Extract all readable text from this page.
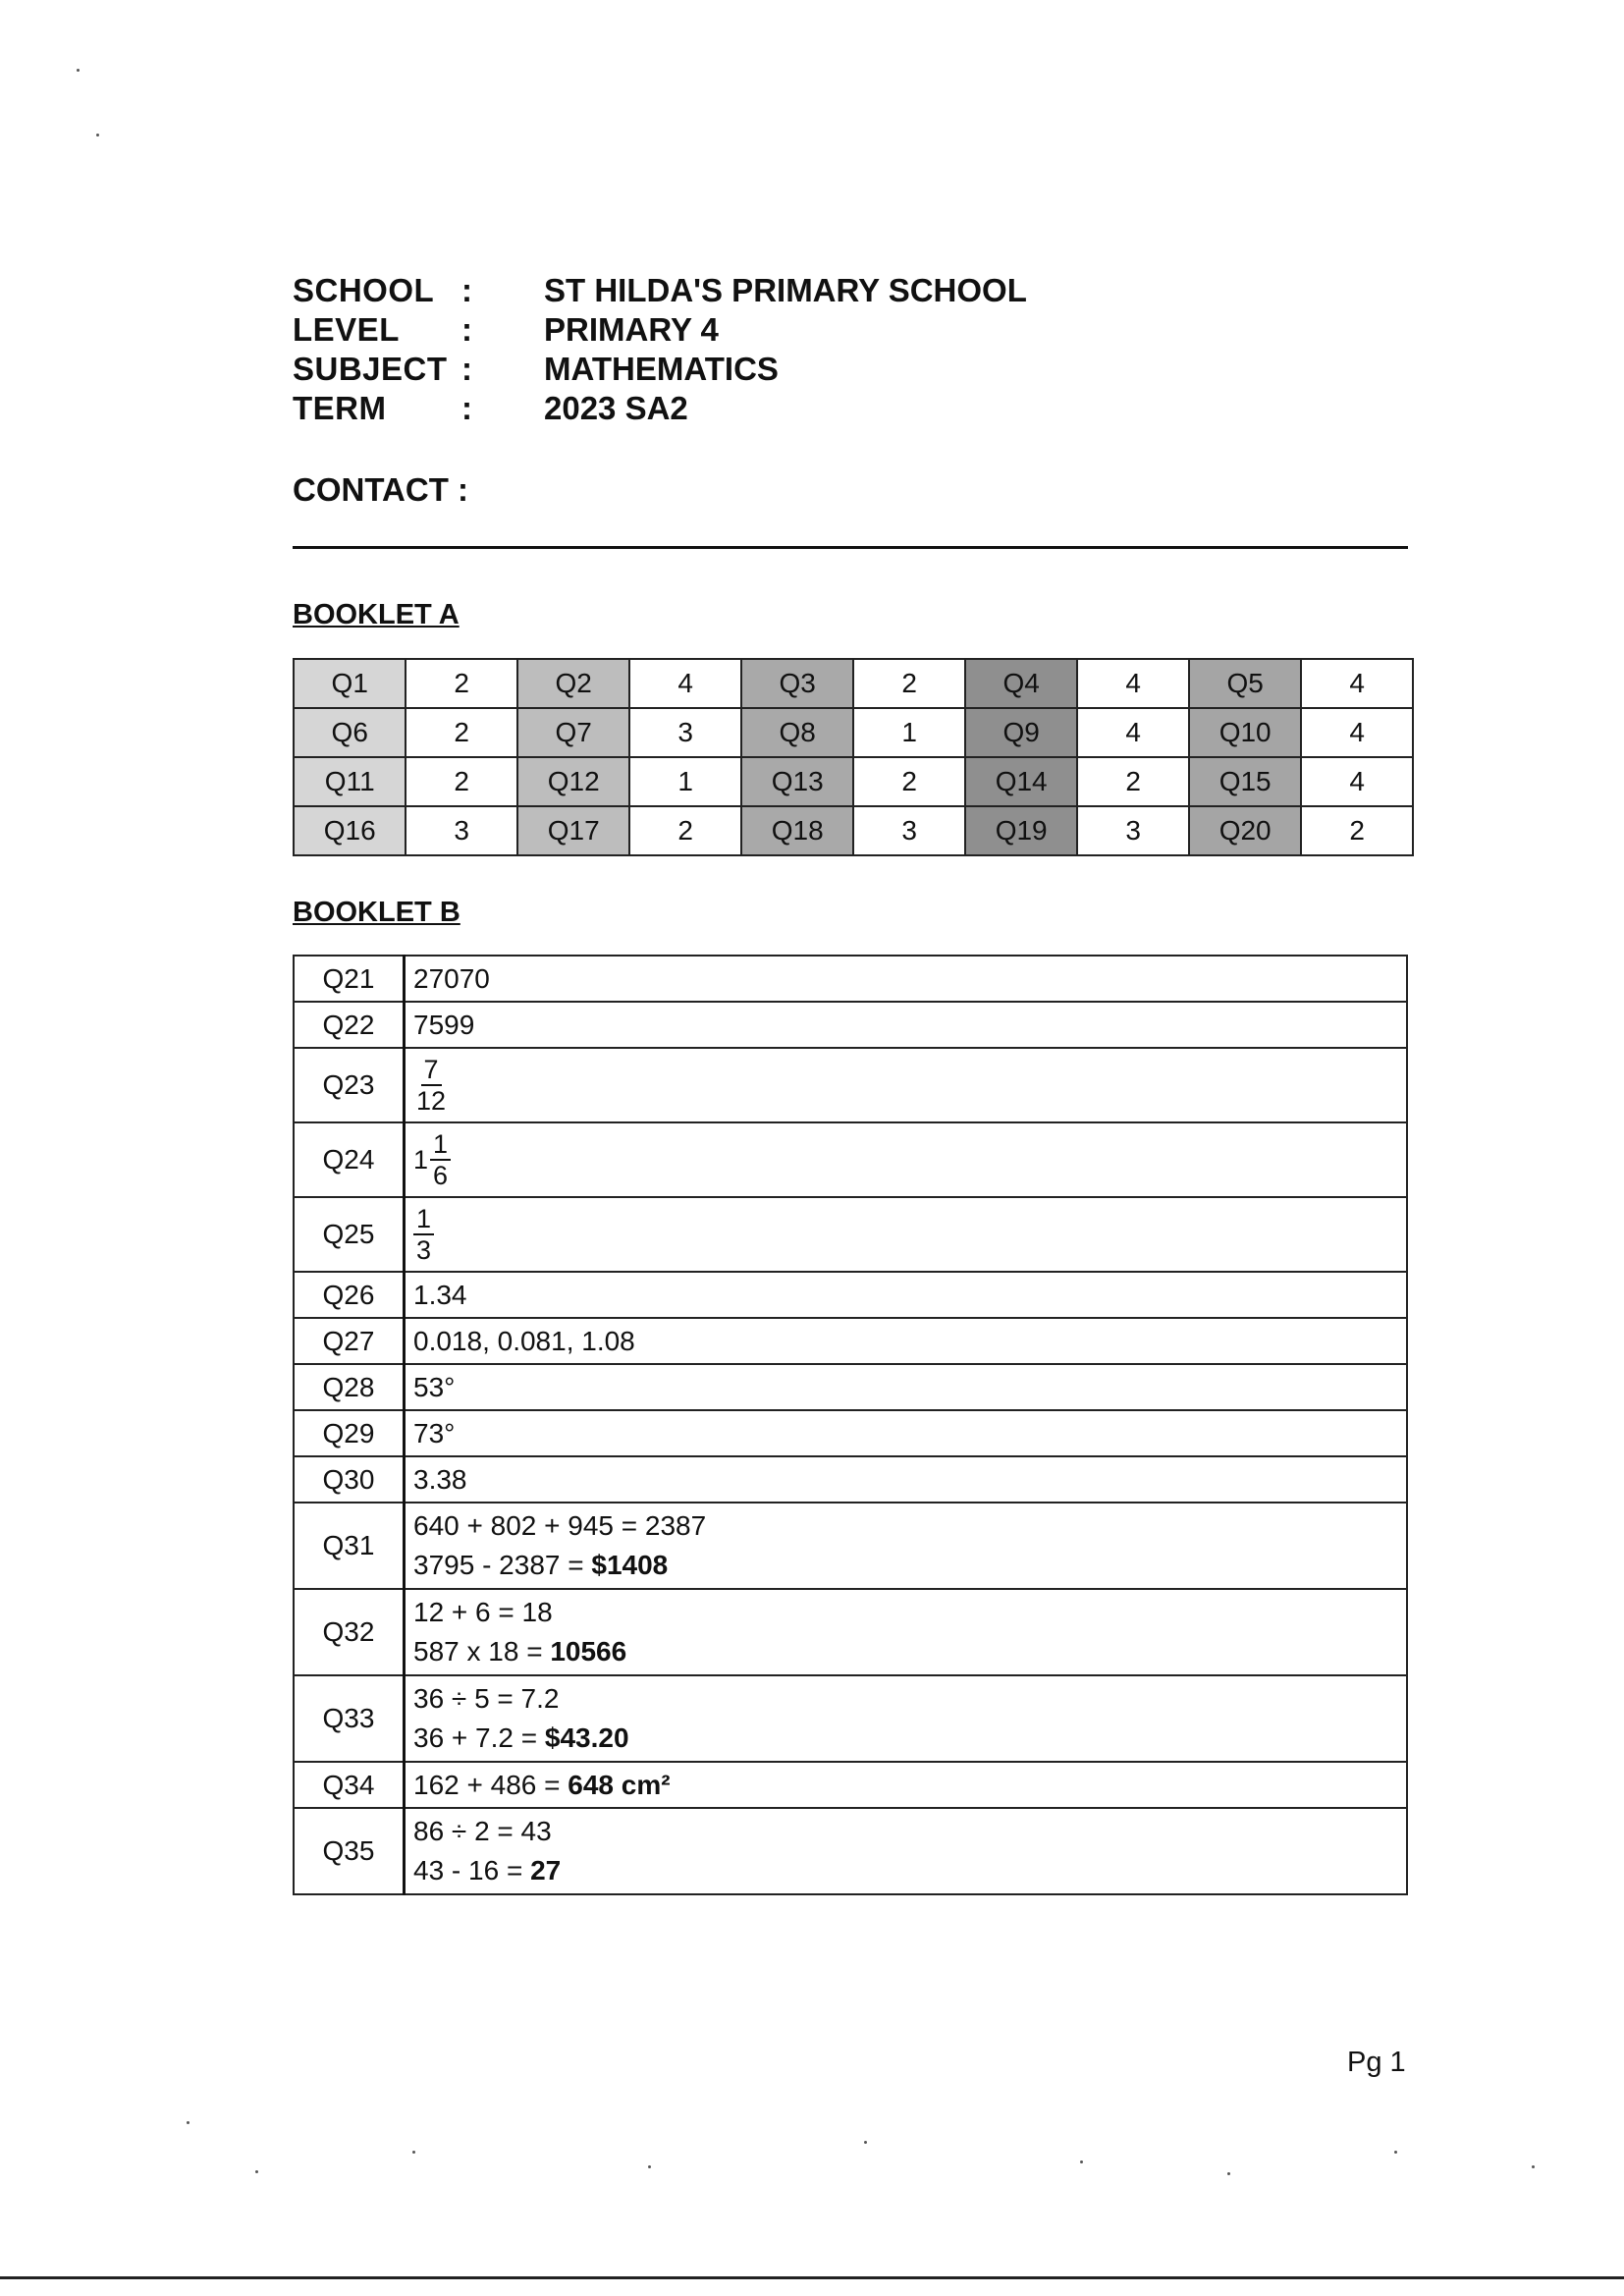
SCHOOL :	ST HILDA'S PRIMARY SCHOOL
LEVEL	:	PRIMARY 4
SUBJECT :	MATHEMATICS
TERM	:	2023 SA2
CONTACT :
BOOKLET A
Q1	2	Q2	4	Q3	2	Q4	4	Q5	4
Q6	2	Q7	3	Q8	1	Q9	4	Q10	4
Q11	2	Q12	1	Q13	2	Q14	2	Q15	4
Q16	3	Q17	2	Q18	3	Q19	3	Q20	2
BOOKLET B
Q21	27070
Q22	7599
Q23	$\frac{7}{12}$

Q24	$1 \frac{1}{6}$

Q25	$\frac{1}{3}$

Q26	1.34
Q27	0.018, 0.081, 1.08
Q28	53°
Q29	73°
Q30	3.38
Q31	640 + 802 + 945 = 2387
3795 - 2387 = $1408

Q32	12 + 6 = 18
587 x 18 = 10566

Q33	36 ÷ 5 = 7.2
36 + 7.2 = $43.20

Q34	162 + 486 = 648 cm²
Q35	86 ÷ 2 = 43
43 - 16 = 27
Pg 1
